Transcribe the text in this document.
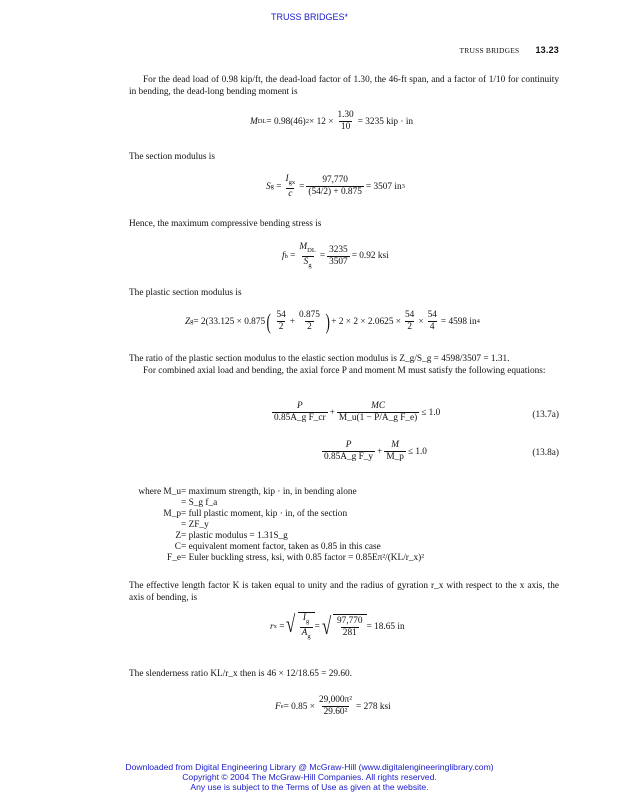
TRUSS BRIDGES*
TRUSS BRIDGES 13.23
For the dead load of 0.98 kip/ft, the dead-load factor of 1.30, the 46-ft span, and a factor of 1/10 for continuity in bending, the dead-long bending moment is
M DL = 0.98(46) $2 \times 12 \times \frac{1.30}{10} = 3235$ kip · in
The section modulus is
S $g = \frac{I_{gx}}{c} = \frac{97,770}{(54/2) + 0.875} = 3507$ in 3
Hence, the maximum compressive bending stress is
f $b = \frac{M_{DL}}{S_g} = \frac{3235}{3507} = 0.92$ ksi
The plastic section modulus is
Z g = 2(33.125 × 0.875 ( $\frac{54}{2} + \frac{0.875}{2}$ ) + $2 \times 2 \times 2.0625 \times \frac{54}{2} \times \frac{54}{4} = 4598$ in 4
The ratio of the plastic section modulus to the elastic section modulus is Z_g/S_g = 4598/3507 = 1.31.
For combined axial load and bending, the axial force P and moment M must satisfy the following equations:
$\frac{P}{\text{0.85A\_g F\_cr}} + \frac{MC}{\text{M\_u(1 − P/A\_g F\_e)}} \le 1.0$	(13.7a)
$\frac{P}{\text{0.85A\_g F\_y}} + \frac{M}{M\_p} \le 1.0$	(13.8a)
where M_u = maximum strength, kip · in, in bending alone
= S_g f_a
M_p = full plastic moment, kip · in, of the section
= ZF_y
Z = plastic modulus = 1.31S_g
C = equivalent moment factor, taken as 0.85 in this case
F_e = Euler buckling stress, ksi, with 0.85 factor = 0.85Eπ²/(KL/r_x)²
The effective length factor K is taken equal to unity and the radius of gyration r_x with respect to the x axis, the axis of bending, is
r x = √ $\frac{I_g}{A_g}$ = √ $\frac{97,770}{281} = 18.65$ in
The slenderness ratio KL/r_x then is 46 × 12/18.65 = 29.60.
F $e = 0.85 \times \frac{\text{29,000π²}}{\text{29.60²}} = 278$ ksi
Downloaded from Digital Engineering Library @ McGraw-Hill (www.digitalengineeringlibrary.com)
Copyright © 2004 The McGraw-Hill Companies. All rights reserved.
Any use is subject to the Terms of Use as given at the website.
